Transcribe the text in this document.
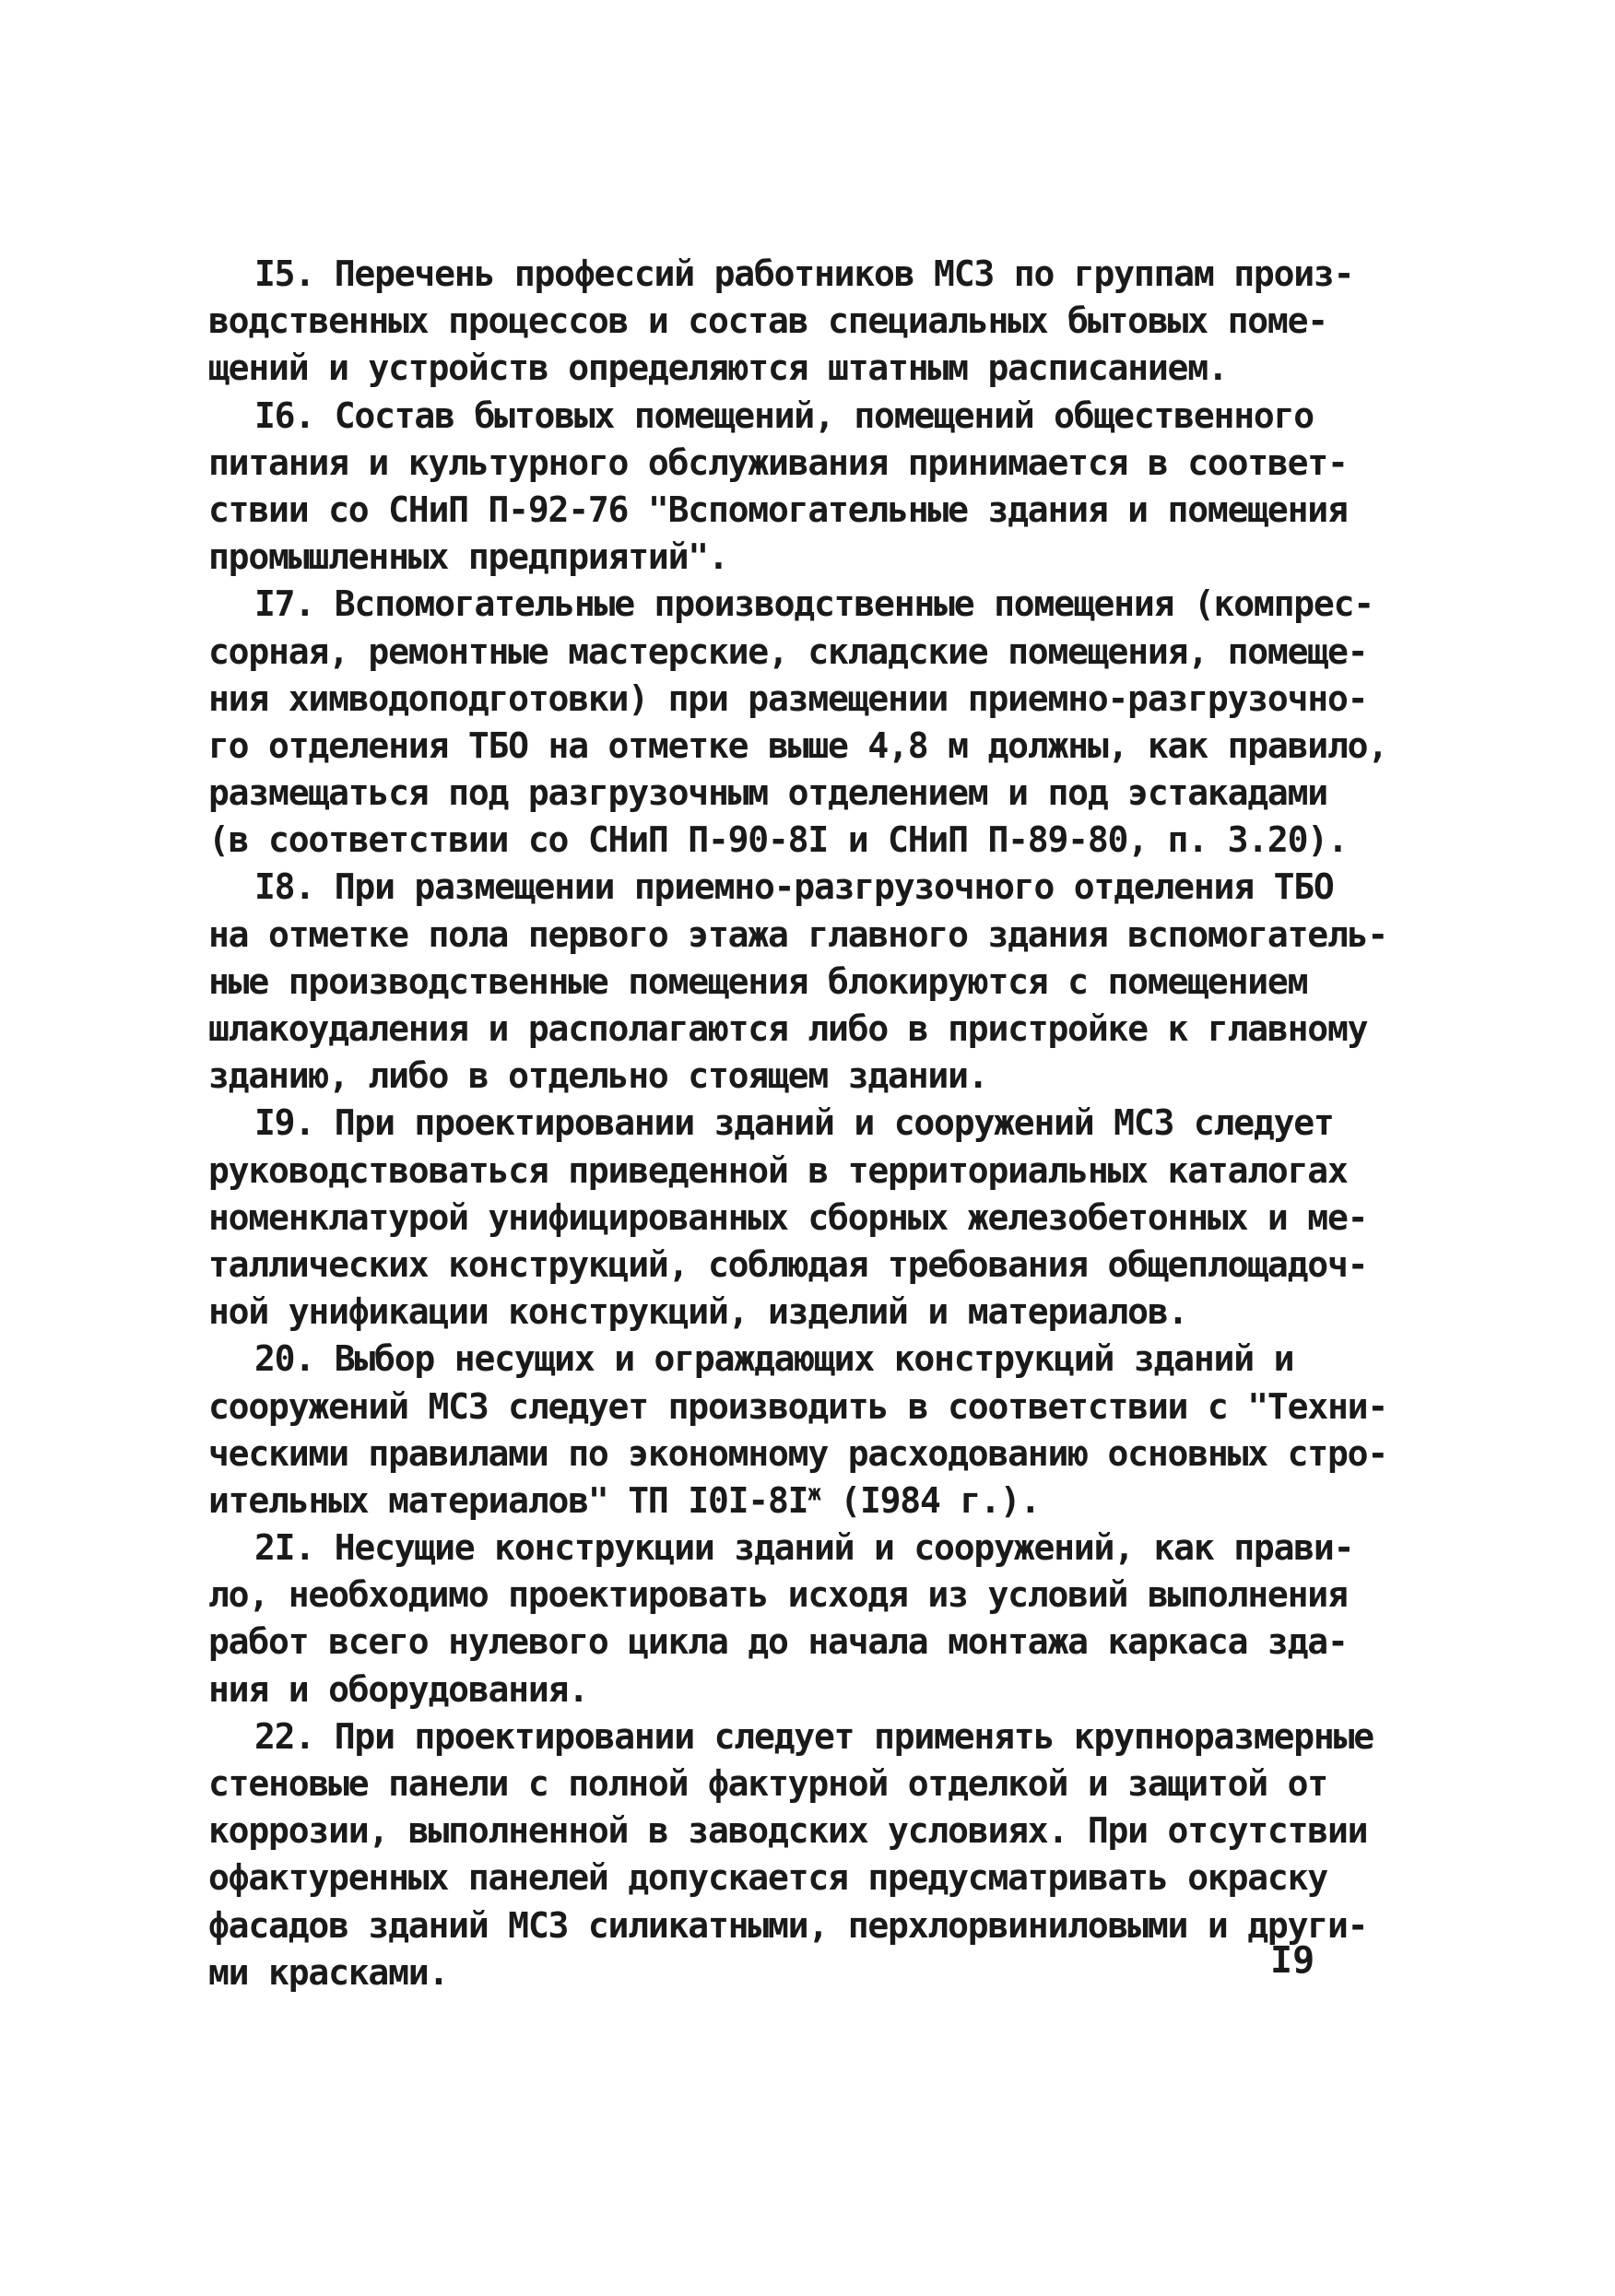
I5. Перечень профессий работников МСЗ по группам произ-
водственных процессов и состав специальных бытовых поме-
щений и устройств определяются штатным расписанием.
I6. Состав бытовых помещений, помещений общественного
питания и культурного обслуживания принимается в соответ-
ствии со СНиП П-92-76 "Вспомогательные здания и помещения
промышленных предприятий".
I7. Вспомогательные производственные помещения (компрес-
сорная, ремонтные мастерские, складские помещения, помеще-
ния химводоподготовки) при размещении приемно-разгрузочно-
го отделения ТБО на отметке выше 4,8 м должны, как правило,
размещаться под разгрузочным отделением и под эстакадами
(в соответствии со СНиП П-90-8I и СНиП П-89-80, п. 3.20).
I8. При размещении приемно-разгрузочного отделения ТБО
на отметке пола первого этажа главного здания вспомогатель-
ные производственные помещения блокируются с помещением
шлакоудаления и располагаются либо в пристройке к главному
зданию, либо в отдельно стоящем здании.
I9. При проектировании зданий и сооружений МСЗ следует
руководствоваться приведенной в территориальных каталогах
номенклатурой унифицированных сборных железобетонных и ме-
таллических конструкций, соблюдая требования общеплощадоч-
ной унификации конструкций, изделий и материалов.
20. Выбор несущих и ограждающих конструкций зданий и
сооружений МСЗ следует производить в соответствии с "Техни-
ческими правилами по экономному расходованию основных стро-
ительных материалов" ТП $I0I-8I^ж$ (I984 г.).
2I. Несущие конструкции зданий и сооружений, как прави-
ло, необходимо проектировать исходя из условий выполнения
работ всего нулевого цикла до начала монтажа каркаса зда-
ния и оборудования.
22. При проектировании следует применять крупноразмерные
стеновые панели с полной фактурной отделкой и защитой от
коррозии, выполненной в заводских условиях. При отсутствии
офактуренных панелей допускается предусматривать окраску
фасадов зданий МСЗ силикатными, перхлорвиниловыми и други-
ми красками.	I9
